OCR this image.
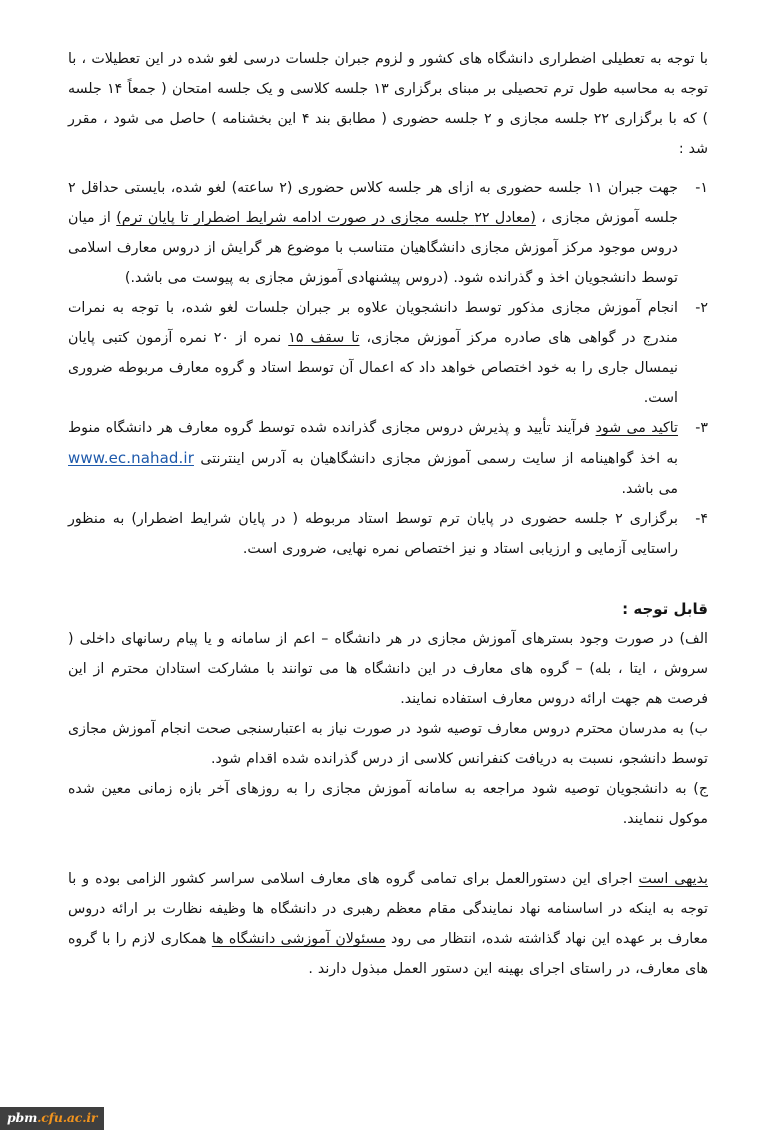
با توجه به تعطیلی اضطراری دانشگاه های کشور و لزوم جبران جلسات درسی لغو شده در این تعطیلات ، با توجه به محاسبه طول ترم تحصیلی بر مبنای برگزاری ۱۳ جلسه کلاسی و یک جلسه امتحان ( جمعاً ۱۴ جلسه ) که با برگزاری ۲۲ جلسه مجازی و ۲ جلسه حضوری ( مطابق بند ۴ این بخشنامه ) حاصل می شود ، مقرر شد :

۱-
جهت جبران ۱۱ جلسه حضوری به ازای هر جلسه کلاس حضوری (۲ ساعته) لغو شده، بایستی حداقل ۲ جلسه آموزش مجازی ، (معادل ۲۲ جلسه مجازی در صورت ادامه شرایط اضطرار تا پایان ترم) از میان دروس موجود مرکز آموزش مجازی دانشگاهیان متناسب با موضوع هر گرایش از دروس معارف اسلامی توسط دانشجویان اخذ و گذرانده شود. (دروس پیشنهادی آموزش مجازی به پیوست می باشد.)
۲-
انجام آموزش مجازی مذکور توسط دانشجویان علاوه بر جبران جلسات لغو شده، با توجه به نمرات مندرج در گواهی های صادره مرکز آموزش مجازی، تا سقف ۱۵ نمره از ۲۰ نمره آزمون کتبی پایان نیمسال جاری را به خود اختصاص خواهد داد که اعمال آن توسط استاد و گروه معارف مربوطه ضروری است.
۳-
تاکید می شود فرآیند تأیید و پذیرش دروس مجازی گذرانده شده توسط گروه معارف هر دانشگاه منوط به اخذ گواهینامه از سایت رسمی آموزش مجازی دانشگاهیان به آدرس اینترنتی www.ec.nahad.ir می باشد.
۴-
برگزاری ۲ جلسه حضوری در پایان ترم توسط استاد مربوطه ( در پایان شرایط اضطرار) به منظور راستایی آزمایی و ارزیابی استاد و نیز اختصاص نمره نهایی، ضروری است.

قابل توجه :

الف) در صورت وجود بسترهای آموزش مجازی در هر دانشگاه – اعم از سامانه و یا پیام رسانهای داخلی ( سروش ، ایتا ، بله) – گروه های معارف در این دانشگاه ها می توانند با مشارکت استادان محترم از این فرصت هم جهت ارائه دروس معارف استفاده نمایند.

ب) به مدرسان محترم دروس معارف توصیه شود در صورت نیاز به اعتبارسنجی صحت انجام آموزش مجازی توسط دانشجو، نسبت به دریافت کنفرانس کلاسی از درس گذرانده شده اقدام شود.

ج) به دانشجویان توصیه شود مراجعه به سامانه آموزش مجازی را به روزهای آخر بازه زمانی معین شده موکول ننمایند.

بدیهی است اجرای این دستورالعمل برای تمامی گروه های معارف اسلامی سراسر کشور الزامی بوده و با توجه به اینکه در اساسنامه نهاد نمایندگی مقام معظم رهبری در دانشگاه ها وظیفه نظارت بر ارائه دروس معارف بر عهده این نهاد گذاشته شده، انتظار می رود مسئولان آموزشی دانشگاه ها همکاری لازم را با گروه های معارف، در راستای اجرای بهینه این دستور العمل مبذول دارند .

pbm.cfu.ac.ir
